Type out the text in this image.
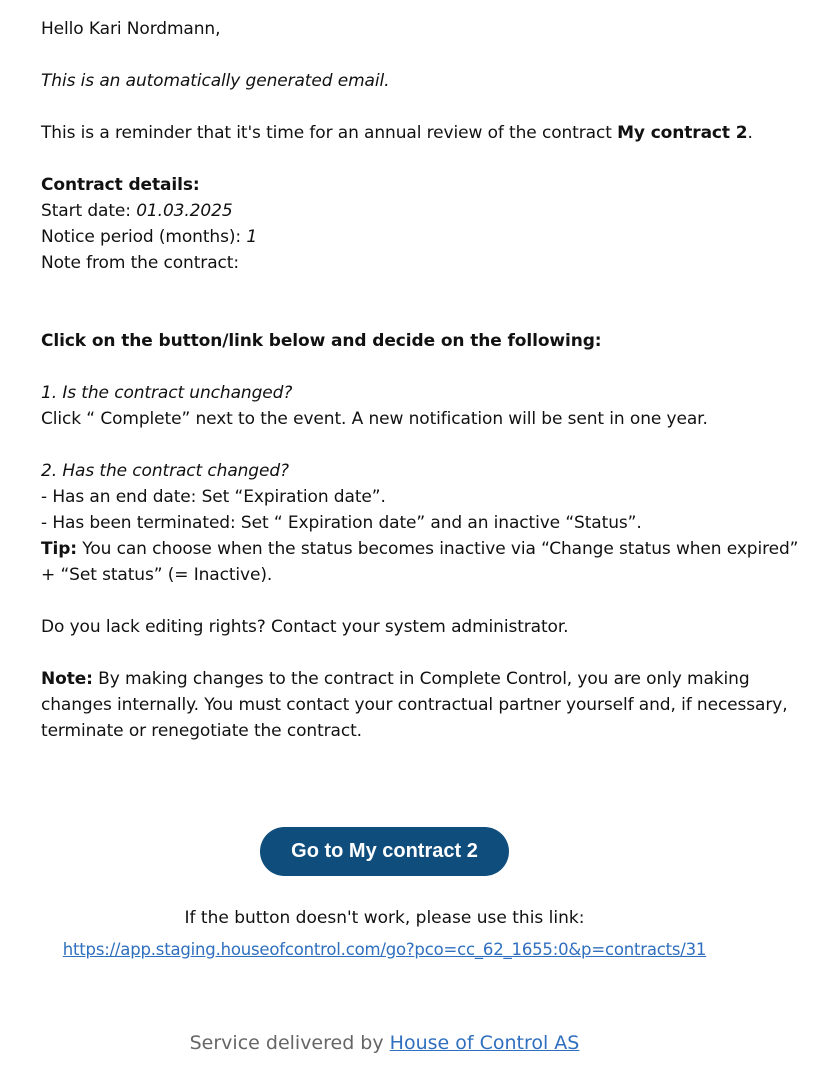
Hello Kari Nordmann,

This is an automatically generated email.

This is a reminder that it's time for an annual review of the contract My contract 2.

Contract details:

Start date: 01.03.2025

Notice period (months): 1

Note from the contract:

Click on the button/link below and decide on the following:

1. Is the contract unchanged?

Click “ Complete” next to the event. A new notification will be sent in one year.

2. Has the contract changed?

- Has an end date: Set “Expiration date”.

- Has been terminated: Set “ Expiration date” and an inactive “Status”.

Tip: You can choose when the status becomes inactive via “Change status when expired” + “Set status” (= Inactive).

Do you lack editing rights? Contact your system administrator.

Note: By making changes to the contract in Complete Control, you are only making changes internally. You must contact your contractual partner yourself and, if necessary, terminate or renegotiate the contract.

Go to My contract 2
If the button doesn't work, please use this link:
https://app.staging.houseofcontrol.com/go?pco=cc_62_1655:0&p=contracts/31
Service delivered by House of Control AS
